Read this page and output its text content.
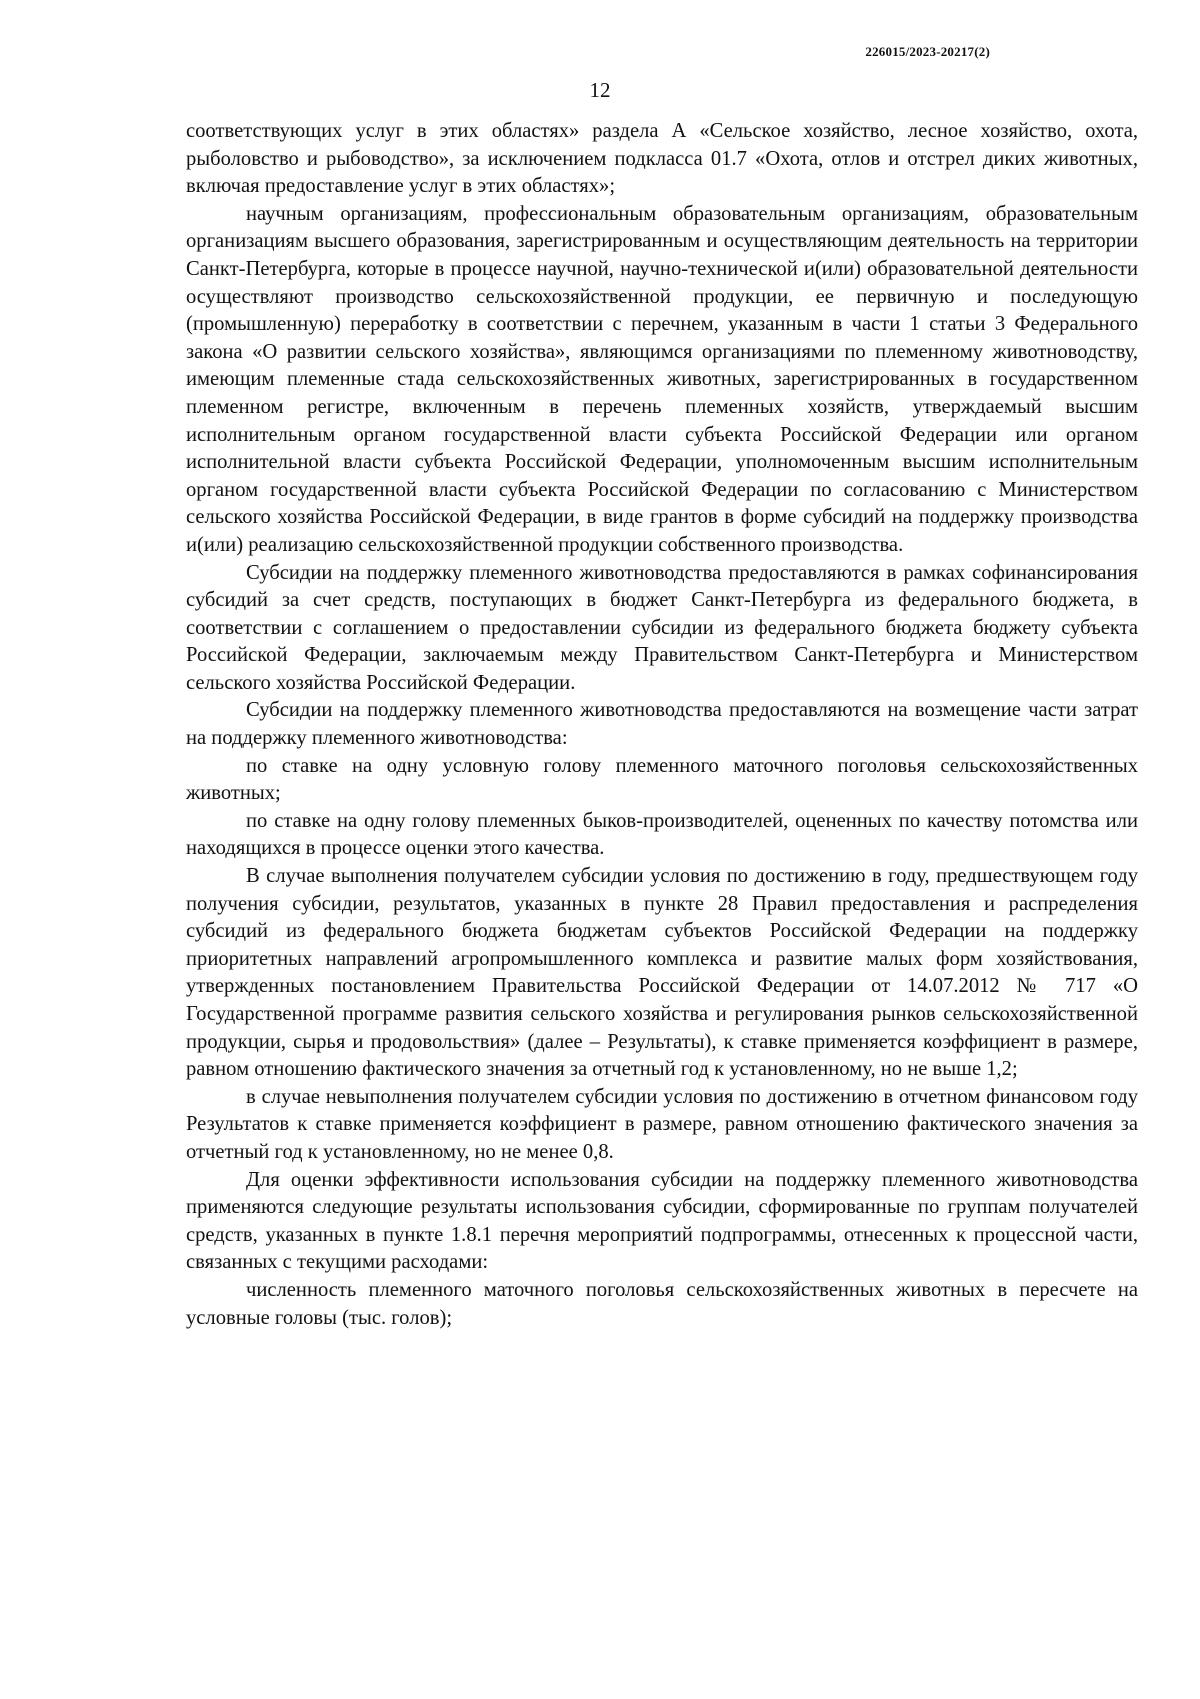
226015/2023-20217(2)
12

соответствующих услуг в этих областях» раздела А «Сельское хозяйство, лесное хозяйство, охота, рыболовство и рыбоводство», за исключением подкласса 01.7 «Охота, отлов и отстрел диких животных, включая предоставление услуг в этих областях»;

научным организациям, профессиональным образовательным организациям, образовательным организациям высшего образования, зарегистрированным и осуществляющим деятельность на территории Санкт-Петербурга, которые в процессе научной, научно-технической и(или) образовательной деятельности осуществляют производство сельскохозяйственной продукции, ее первичную и последующую (промышленную) переработку в соответствии с перечнем, указанным в части 1 статьи 3 Федерального закона «О развитии сельского хозяйства», являющимся организациями по племенному животноводству, имеющим племенные стада сельскохозяйственных животных, зарегистрированных в государственном племенном регистре, включенным в перечень племенных хозяйств, утверждаемый высшим исполнительным органом государственной власти субъекта Российской Федерации или органом исполнительной власти субъекта Российской Федерации, уполномоченным высшим исполнительным органом государственной власти субъекта Российской Федерации по согласованию с Министерством сельского хозяйства Российской Федерации, в виде грантов в форме субсидий на поддержку производства и(или) реализацию сельскохозяйственной продукции собственного производства.

Субсидии на поддержку племенного животноводства предоставляются в рамках софинансирования субсидий за счет средств, поступающих в бюджет Санкт-Петербурга из федерального бюджета, в соответствии с соглашением о предоставлении субсидии из федерального бюджета бюджету субъекта Российской Федерации, заключаемым между Правительством Санкт-Петербурга и Министерством сельского хозяйства Российской Федерации.

Субсидии на поддержку племенного животноводства предоставляются на возмещение части затрат на поддержку племенного животноводства:

по ставке на одну условную голову племенного маточного поголовья сельскохозяйственных животных;

по ставке на одну голову племенных быков-производителей, оцененных по качеству потомства или находящихся в процессе оценки этого качества.

В случае выполнения получателем субсидии условия по достижению в году, предшествующем году получения субсидии, результатов, указанных в пункте 28 Правил предоставления и распределения субсидий из федерального бюджета бюджетам субъектов Российской Федерации на поддержку приоритетных направлений агропромышленного комплекса и развитие малых форм хозяйствования, утвержденных постановлением Правительства Российской Федерации от 14.07.2012 № 717 «О Государственной программе развития сельского хозяйства и регулирования рынков сельскохозяйственной продукции, сырья и продовольствия» (далее – Результаты), к ставке применяется коэффициент в размере, равном отношению фактического значения за отчетный год к установленному, но не выше 1,2;

в случае невыполнения получателем субсидии условия по достижению в отчетном финансовом году Результатов к ставке применяется коэффициент в размере, равном отношению фактического значения за отчетный год к установленному, но не менее 0,8.

Для оценки эффективности использования субсидии на поддержку племенного животноводства применяются следующие результаты использования субсидии, сформированные по группам получателей средств, указанных в пункте 1.8.1 перечня мероприятий подпрограммы, отнесенных к процессной части, связанных с текущими расходами:

численность племенного маточного поголовья сельскохозяйственных животных в пересчете на условные головы (тыс. голов);
